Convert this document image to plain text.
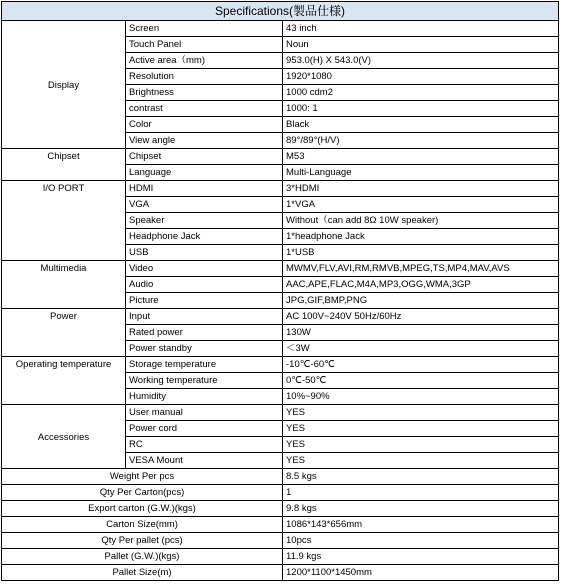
Specifications(製品仕様)		
Display	Screen	43 inch
	Touch Panel	Noun
	Active area（mm)	953.0(H) X 543.0(V)
	Resolution	1920*1080
	Brightness	1000 cdm2
	contrast	1000: 1
	Color	Black
	View angle	89°/89°(H/V)
Chipset	Chipset	M53
	Language	Multi-Language
I/O PORT	HDMI	3*HDMI
	VGA	1*VGA
	Speaker	Without（can add 8Ω 10W speaker)
	Headphone Jack	1*headphone Jack
	USB	1*USB
Multimedia	Video	MWMV,FLV,AVI,RM,RMVB,MPEG,TS,MP4,MAV,AVS
	Audio	AAC,APE,FLAC,M4A,MP3,OGG,WMA,3GP
	Picture	JPG,GIF,BMP,PNG
Power	Input	AC 100V~240V 50Hz/60Hz
	Rated power	130W
	Power standby	＜3W
Operating temperature	Storage temperature	-10℃-60℃
	Working temperature	0℃-50℃
	Humidity	10%~90%
Accessories	User manual	YES
	Power cord	YES
	RC	YES
	VESA Mount	YES
Weight Per pcs		8.5 kgs
Qty Per Carton(pcs)		1
Export carton (G.W.)(kgs)		9.8 kgs
Carton Size(mm)		1086*143*656mm
Qty Per pallet (pcs)		10pcs
Pallet (G.W.)(kgs)		11.9 kgs
Pallet Size(m)		1200*1100*1450mm
